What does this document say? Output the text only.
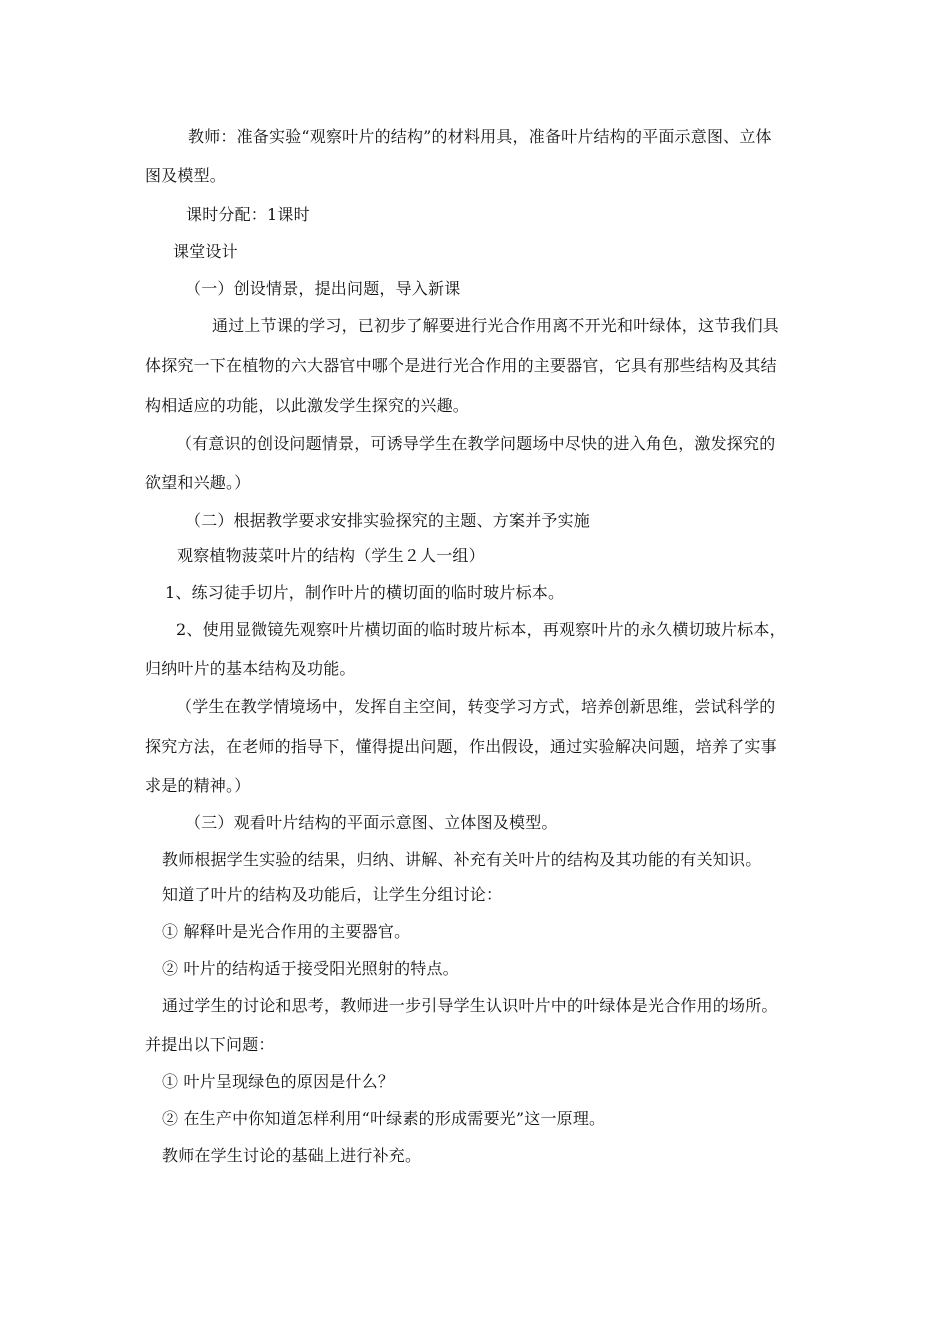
教师：准备实验“观察叶片的结构”的材料用具，准备叶片结构的平面示意图、立体
图及模型。
课时分配：1课时
课堂设计
（一）创设情景，提出问题，导入新课
通过上节课的学习，已初步了解要进行光合作用离不开光和叶绿体，这节我们具
体探究一下在植物的六大器官中哪个是进行光合作用的主要器官，它具有那些结构及其结
构相适应的功能，以此激发学生探究的兴趣。
（有意识的创设问题情景，可诱导学生在教学问题场中尽快的进入角色，激发探究的
欲望和兴趣。）
（二）根据教学要求安排实验探究的主题、方案并予实施
观察植物菠菜叶片的结构（学生２人一组）
1、练习徒手切片，制作叶片的横切面的临时玻片标本。
2、使用显微镜先观察叶片横切面的临时玻片标本，再观察叶片的永久横切玻片标本，
归纳叶片的基本结构及功能。
（学生在教学情境场中，发挥自主空间，转变学习方式，培养创新思维，尝试科学的
探究方法，在老师的指导下，懂得提出问题，作出假设，通过实验解决问题，培养了实事
求是的精神。）
（三）观看叶片结构的平面示意图、立体图及模型。
教师根据学生实验的结果，归纳、讲解、补充有关叶片的结构及其功能的有关知识。
知道了叶片的结构及功能后，让学生分组讨论：
① 解释叶是光合作用的主要器官。
② 叶片的结构适于接受阳光照射的特点。
通过学生的讨论和思考，教师进一步引导学生认识叶片中的叶绿体是光合作用的场所。
并提出以下问题：
① 叶片呈现绿色的原因是什么？
② 在生产中你知道怎样利用“叶绿素的形成需要光”这一原理。
教师在学生讨论的基础上进行补充。
